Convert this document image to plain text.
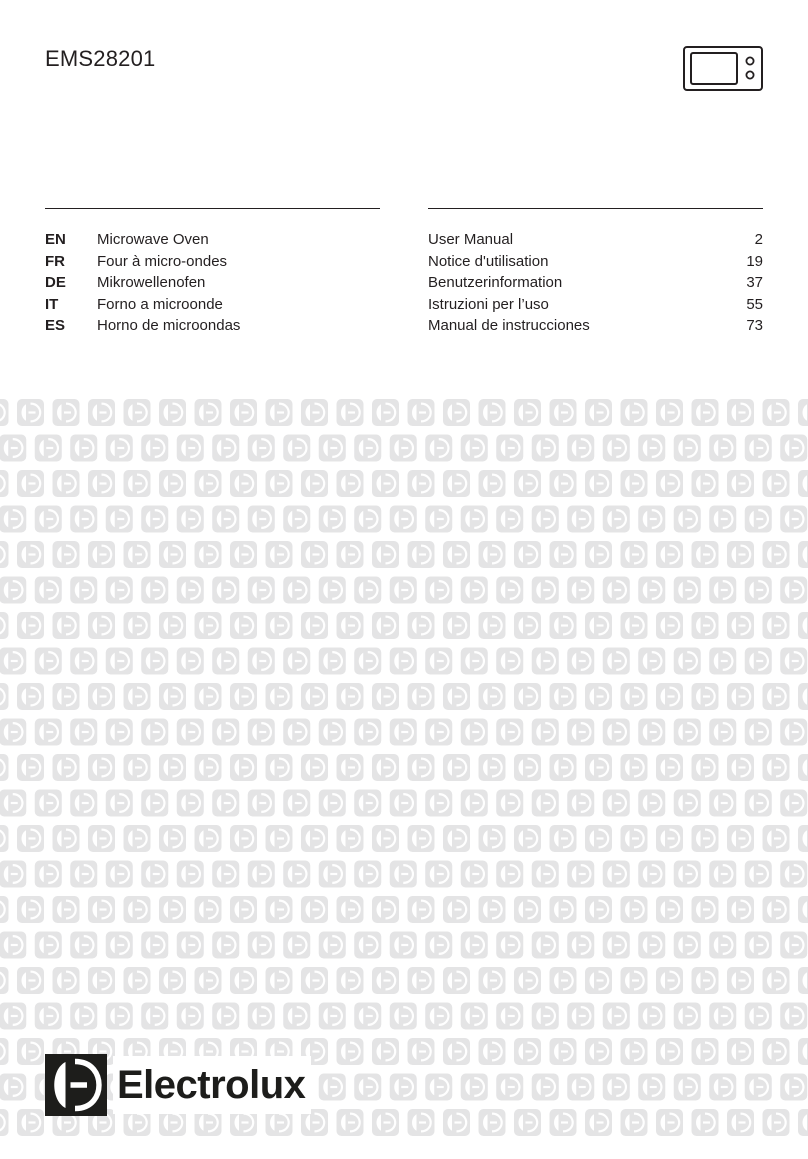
EMS28201
EN Microwave Oven	User Manual	2
FR Four à micro-ondes	Notice d'utilisation	19
DE Mikrowellenofen	Benutzerinformation	37
IT	Forno a microonde	Istruzioni per l’uso	55
ES Horno de microondas	Manual de instrucciones	73
Electrolux
